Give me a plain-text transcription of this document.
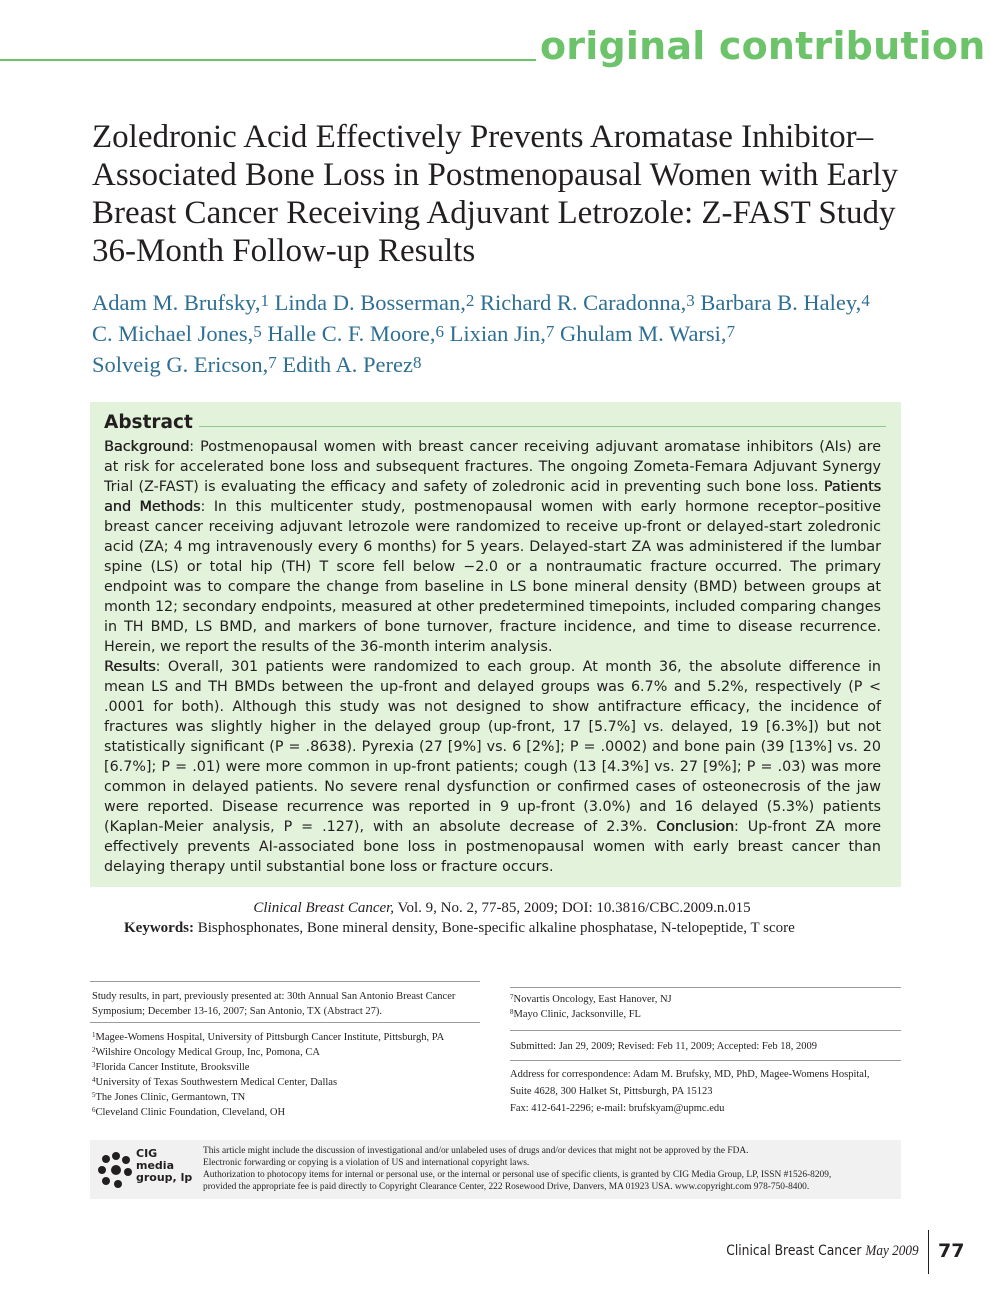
original contribution
Zoledronic Acid Effectively Prevents Aromatase Inhibitor–Associated Bone Loss in Postmenopausal Women with Early Breast Cancer Receiving Adjuvant Letrozole: Z-FAST Study 36-Month Follow-up Results
Adam M. Brufsky,$^1$ Linda D. Bosserman,$^2$ Richard R. Caradonna,$^3$ Barbara B. Haley,$^4$ C. Michael Jones,$^5$ Halle C. F. Moore,$^6$ Lixian Jin,$^7$ Ghulam M. Warsi,$^7$ Solveig G. Ericson,$^7$ Edith A. Perez$^8$
Abstract
Background: Postmenopausal women with breast cancer receiving adjuvant aromatase inhibitors (AIs) are at risk for accelerated bone loss and subsequent fractures. The ongoing Zometa-Femara Adjuvant Synergy Trial (Z-FAST) is evaluating the efficacy and safety of zoledronic acid in preventing such bone loss. Patients and Methods: In this multicenter study, postmenopausal women with early hormone receptor–positive breast cancer receiving adjuvant letrozole were randomized to receive up-front or delayed-start zoledronic acid (ZA; 4 mg intravenously every 6 months) for 5 years. Delayed-start ZA was administered if the lumbar spine (LS) or total hip (TH) T score fell below −2.0 or a nontraumatic fracture occurred. The primary endpoint was to compare the change from baseline in LS bone mineral density (BMD) between groups at month 12; secondary endpoints, measured at other predetermined timepoints, included comparing changes in TH BMD, LS BMD, and markers of bone turnover, fracture incidence, and time to disease recurrence. Herein, we report the results of the 36-month interim analysis.
Results: Overall, 301 patients were randomized to each group. At month 36, the absolute difference in mean LS and TH BMDs between the up-front and delayed groups was 6.7% and 5.2%, respectively (P < .0001 for both). Although this study was not designed to show antifracture efficacy, the incidence of fractures was slightly higher in the delayed group (up-front, 17 [5.7%] vs. delayed, 19 [6.3%]) but not statistically significant (P = .8638). Pyrexia (27 [9%] vs. 6 [2%]; P = .0002) and bone pain (39 [13%] vs. 20 [6.7%]; P = .01) were more common in up-front patients; cough (13 [4.3%] vs. 27 [9%]; P = .03) was more common in delayed patients. No severe renal dysfunction or confirmed cases of osteonecrosis of the jaw were reported. Disease recurrence was reported in 9 up-front (3.0%) and 16 delayed (5.3%) patients (Kaplan-Meier analysis, P = .127), with an absolute decrease of 2.3%. Conclusion: Up-front ZA more effectively prevents AI-associated bone loss in postmenopausal women with early breast cancer than delaying therapy until substantial bone loss or fracture occurs.
Clinical Breast Cancer, Vol. 9, No. 2, 77-85, 2009; DOI: 10.3816/CBC.2009.n.015
Keywords: Bisphosphonates, Bone mineral density, Bone-specific alkaline phosphatase, N-telopeptide, T score
Study results, in part, previously presented at: 30th Annual San Antonio Breast Cancer Symposium; December 13-16, 2007; San Antonio, TX (Abstract 27).
$^1$Magee-Womens Hospital, University of Pittsburgh Cancer Institute, Pittsburgh, PA
$^2$Wilshire Oncology Medical Group, Inc, Pomona, CA
$^3$Florida Cancer Institute, Brooksville
$^4$University of Texas Southwestern Medical Center, Dallas
$^5$The Jones Clinic, Germantown, TN
$^6$Cleveland Clinic Foundation, Cleveland, OH
$^7$Novartis Oncology, East Hanover, NJ
$^8$Mayo Clinic, Jacksonville, FL
Submitted: Jan 29, 2009; Revised: Feb 11, 2009; Accepted: Feb 18, 2009
Address for correspondence: Adam M. Brufsky, MD, PhD, Magee-Womens Hospital,
Suite 4628, 300 Halket St, Pittsburgh, PA 15123
Fax: 412-641-2296; e-mail: brufskyam@upmc.edu
CIG
media
group, lp
This article might include the discussion of investigational and/or unlabeled uses of drugs and/or devices that might not be approved by the FDA.
Electronic forwarding or copying is a violation of US and international copyright laws.
Authorization to photocopy items for internal or personal use, or the internal or personal use of specific clients, is granted by CIG Media Group, LP, ISSN #1526-8209,
provided the appropriate fee is paid directly to Copyright Clearance Center, 222 Rosewood Drive, Danvers, MA 01923 USA. www.copyright.com 978-750-8400.
Clinical Breast Cancer May 2009 77
